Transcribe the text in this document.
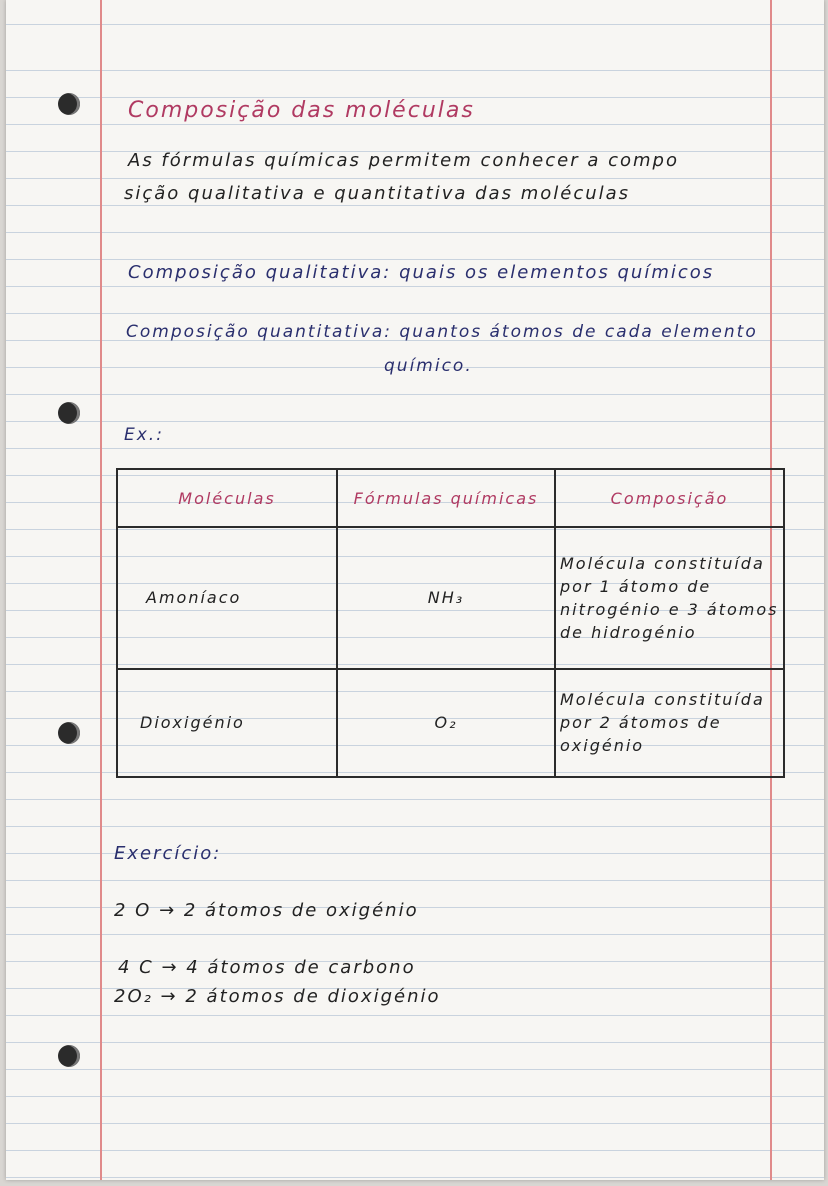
Composição das moléculas
As fórmulas químicas permitem conhecer a compo
sição qualitativa e quantitativa das moléculas
Composição qualitativa: quais os elementos químicos
Composição quantitativa: quantos átomos de cada elemento
químico.
Ex.:
Moléculas	Fórmulas químicas	Composição
Amoníaco	NH₃	Molécula constituída por 1 átomo de nitrogénio e 3 átomos de hidrogénio
Dioxigénio	O₂	Molécula constituída por 2 átomos de oxigénio
Exercício:
2 O → 2 átomos de oxigénio
4 C → 4 átomos de carbono
2O₂ → 2 átomos de dioxigénio
